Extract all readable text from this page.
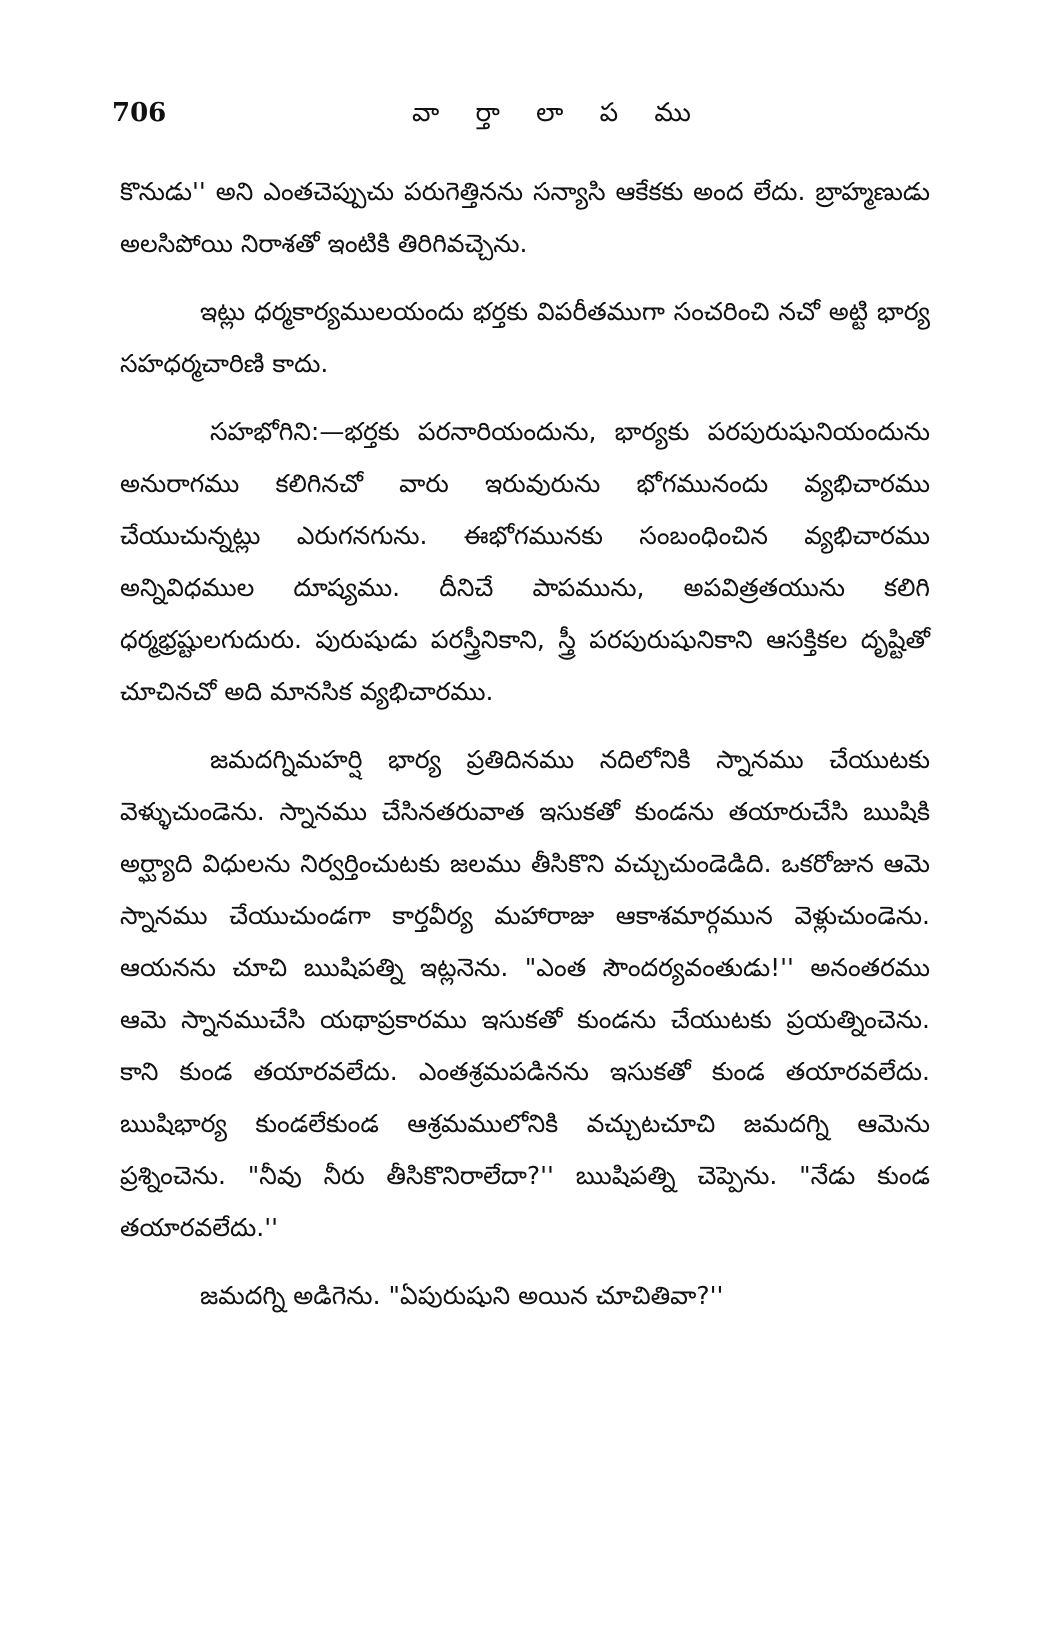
706	వా ర్తా లా ప ము

కొనుడు'' అని ఎంతచెప్పుచు పరుగెత్తినను సన్యాసి ఆకేకకు అంద లేదు. బ్రాహ్మణుడు అలసిపోయి నిరాశతో ఇంటికి తిరిగివచ్చెను.

ఇట్లు ధర్మకార్యములయందు భర్తకు విపరీతముగా సంచరించి నచో అట్టి భార్య సహధర్మచారిణి కాదు.

సహభోగిని:—భర్తకు పరనారియందును, భార్యకు పరపురుషునియందును అనురాగము కలిగినచో వారు ఇరువురును భోగమునందు వ్యభిచారము చేయుచున్నట్లు ఎరుగనగును. ఈభోగమునకు సంబంధించిన వ్యభిచారము అన్నివిధముల దూష్యము. దీనిచే పాపమును, అపవిత్రతయును కలిగి ధర్మభ్రష్టులగుదురు. పురుషుడు పరస్త్రీనికాని, స్త్రీ పరపురుషునికాని ఆసక్తికల దృష్టితో చూచినచో అది మానసిక వ్యభిచారము.

జమదగ్నిమహర్షి భార్య ప్రతిదినము నదిలోనికి స్నానము చేయుటకు వెళ్ళుచుండెను. స్నానము చేసినతరువాత ఇసుకతో కుండను తయారుచేసి ఋషికి అర్ఘ్యాది విధులను నిర్వర్తించుటకు జలము తీసికొని వచ్చుచుండెడిది. ఒకరోజున ఆమె స్నానము చేయుచుండగా కార్తవీర్య మహారాజు ఆకాశమార్గమున వెళ్లుచుండెను. ఆయనను చూచి ఋషిపత్ని ఇట్లనెను. "ఎంత సౌందర్యవంతుడు!'' అనంతరము ఆమె స్నానముచేసి యథాప్రకారము ఇసుకతో కుండను చేయుటకు ప్రయత్నించెను. కాని కుండ తయారవలేదు. ఎంతశ్రమపడినను ఇసుకతో కుండ తయారవలేదు. ఋషిభార్య కుండలేకుండ ఆశ్రమములోనికి వచ్చుటచూచి జమదగ్ని ఆమెను ప్రశ్నించెను. "నీవు నీరు తీసికొనిరాలేదా?'' ఋషిపత్ని చెప్పెను. "నేడు కుండ తయారవలేదు.''

జమదగ్ని అడిగెను. "ఏపురుషుని అయిన చూచితివా?''
